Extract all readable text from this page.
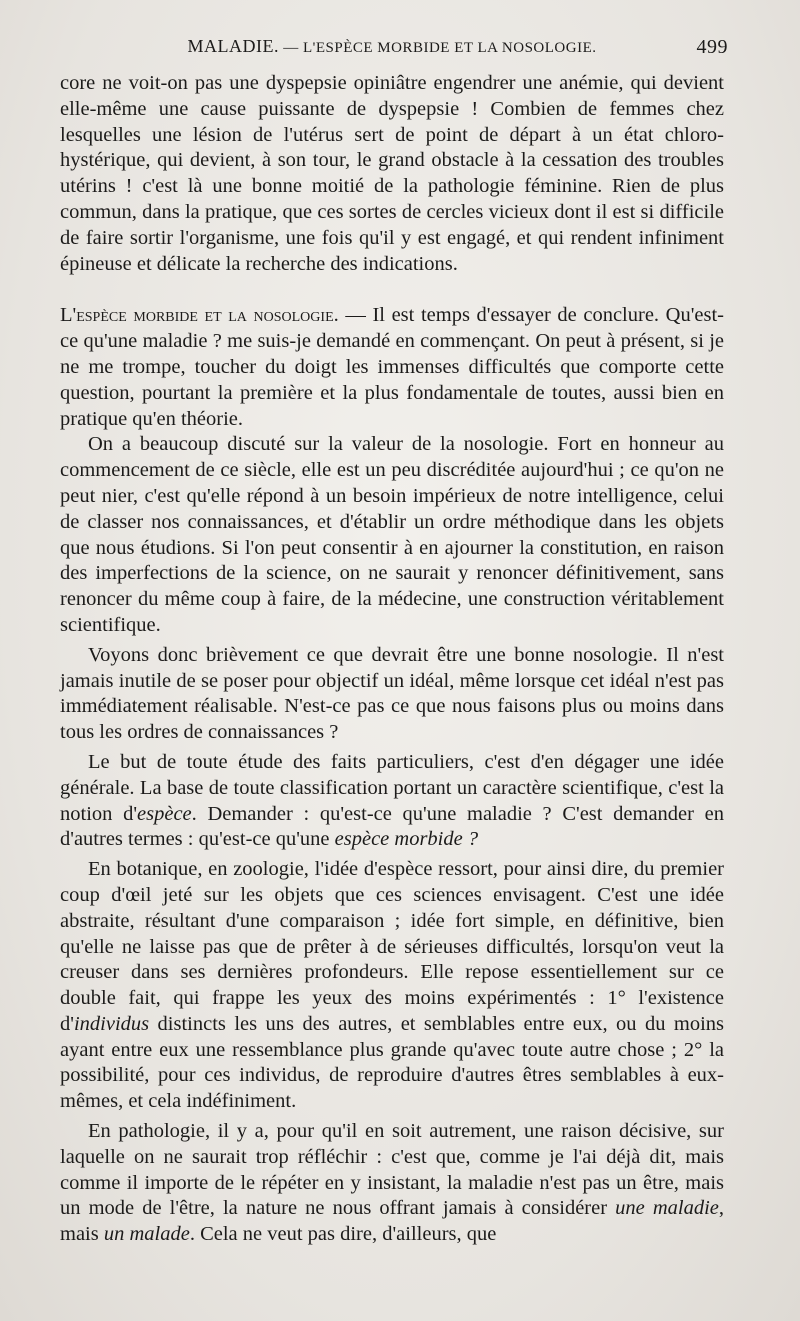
MALADIE. — L'ESPÈCE MORBIDE ET LA NOSOLOGIE.	499

core ne voit-on pas une dyspepsie opiniâtre engendrer une anémie, qui devient elle-même une cause puissante de dyspepsie ! Combien de femmes chez lesquelles une lésion de l'utérus sert de point de départ à un état chloro-hystérique, qui devient, à son tour, le grand obstacle à la cessation des troubles utérins ! c'est là une bonne moitié de la pathologie féminine. Rien de plus commun, dans la pratique, que ces sortes de cercles vicieux dont il est si difficile de faire sortir l'organisme, une fois qu'il y est engagé, et qui rendent infiniment épineuse et délicate la recherche des indications.

L'espèce morbide et la nosologie. — Il est temps d'essayer de conclure. Qu'est-ce qu'une maladie ? me suis-je demandé en commençant. On peut à présent, si je ne me trompe, toucher du doigt les immenses difficultés que comporte cette question, pourtant la première et la plus fondamentale de toutes, aussi bien en pratique qu'en théorie.

On a beaucoup discuté sur la valeur de la nosologie. Fort en honneur au commencement de ce siècle, elle est un peu discréditée aujourd'hui ; ce qu'on ne peut nier, c'est qu'elle répond à un besoin impérieux de notre intelligence, celui de classer nos connaissances, et d'établir un ordre méthodique dans les objets que nous étudions. Si l'on peut consentir à en ajourner la constitution, en raison des imperfections de la science, on ne saurait y renoncer définitivement, sans renoncer du même coup à faire, de la médecine, une construction véritablement scientifique.

Voyons donc brièvement ce que devrait être une bonne nosologie. Il n'est jamais inutile de se poser pour objectif un idéal, même lorsque cet idéal n'est pas immédiatement réalisable. N'est-ce pas ce que nous faisons plus ou moins dans tous les ordres de connaissances ?

Le but de toute étude des faits particuliers, c'est d'en dégager une idée générale. La base de toute classification portant un caractère scientifique, c'est la notion d'espèce. Demander : qu'est-ce qu'une maladie ? C'est demander en d'autres termes : qu'est-ce qu'une espèce morbide ?

En botanique, en zoologie, l'idée d'espèce ressort, pour ainsi dire, du premier coup d'œil jeté sur les objets que ces sciences envisagent. C'est une idée abstraite, résultant d'une comparaison ; idée fort simple, en définitive, bien qu'elle ne laisse pas que de prêter à de sérieuses difficultés, lorsqu'on veut la creuser dans ses dernières profondeurs. Elle repose essentiellement sur ce double fait, qui frappe les yeux des moins expérimentés : 1° l'existence d'individus distincts les uns des autres, et semblables entre eux, ou du moins ayant entre eux une ressemblance plus grande qu'avec toute autre chose ; 2° la possibilité, pour ces individus, de reproduire d'autres êtres semblables à eux-mêmes, et cela indéfiniment.

En pathologie, il y a, pour qu'il en soit autrement, une raison décisive, sur laquelle on ne saurait trop réfléchir : c'est que, comme je l'ai déjà dit, mais comme il importe de le répéter en y insistant, la maladie n'est pas un être, mais un mode de l'être, la nature ne nous offrant jamais à considérer une maladie, mais un malade. Cela ne veut pas dire, d'ailleurs, que
